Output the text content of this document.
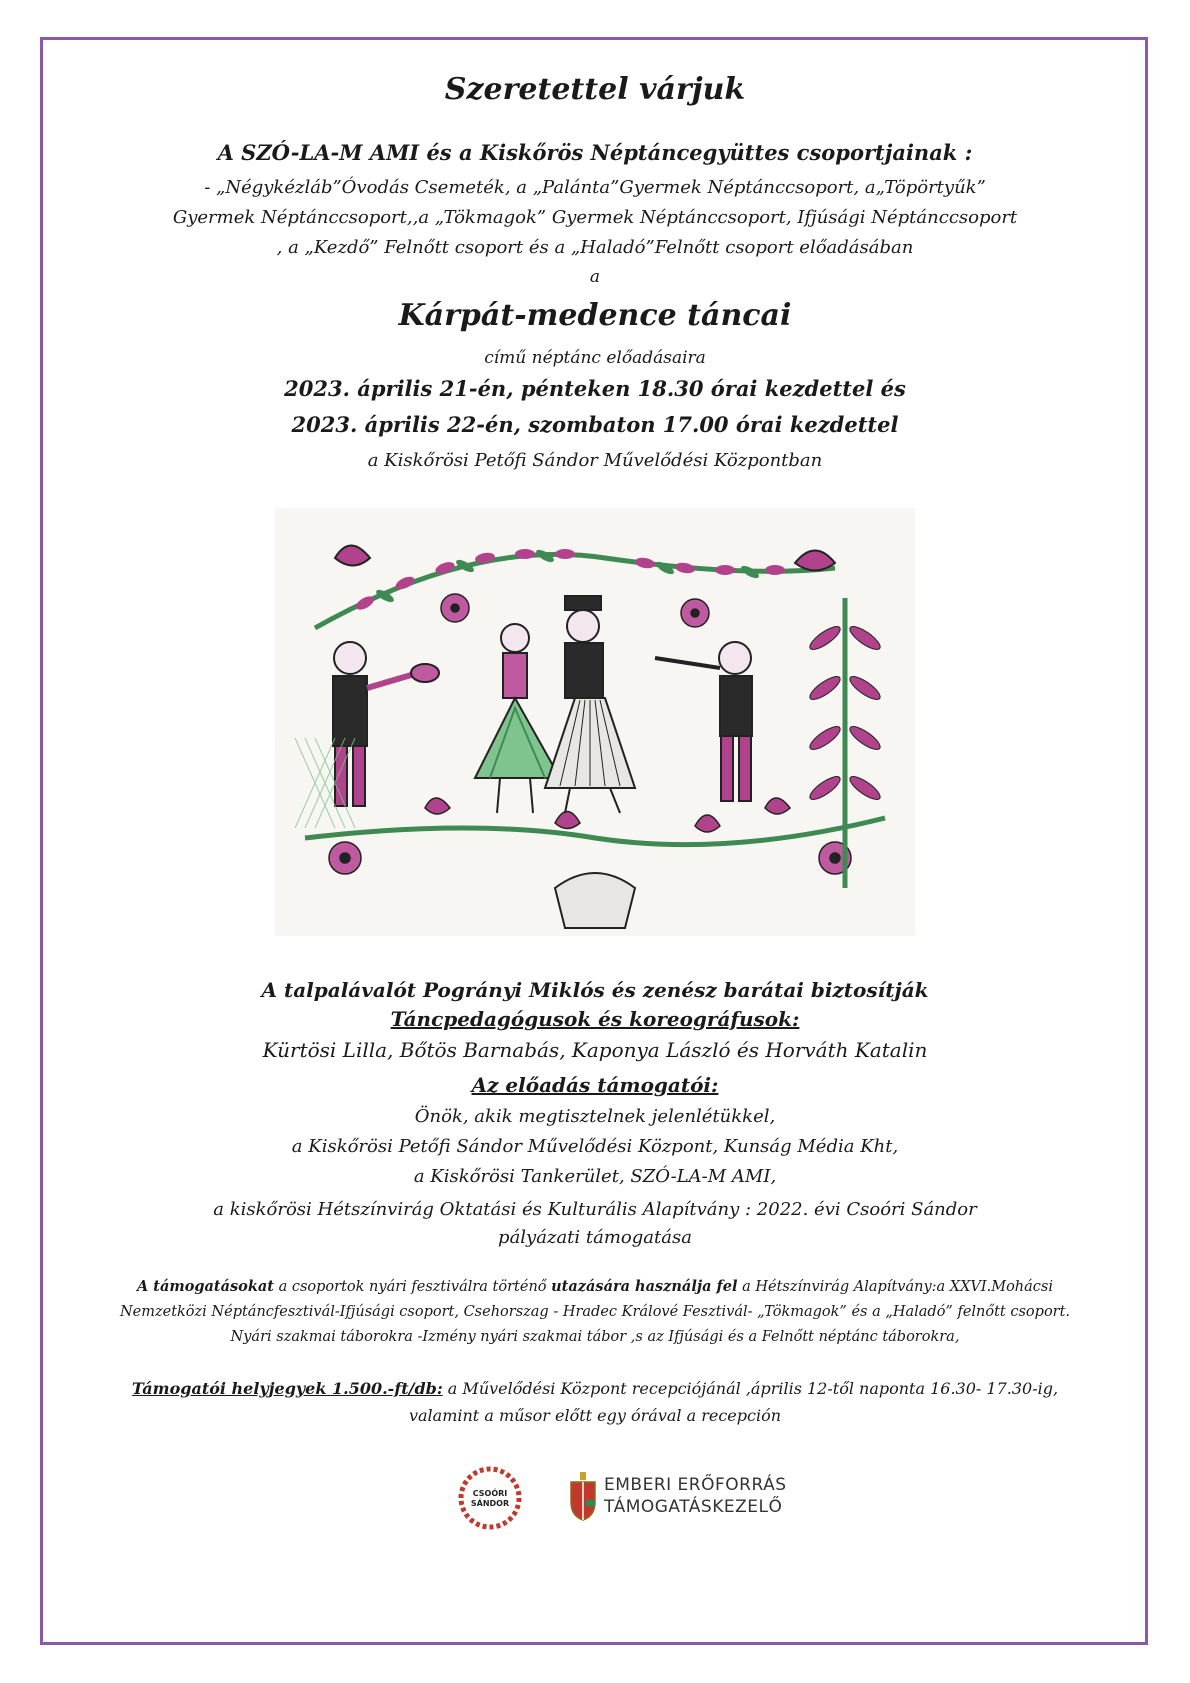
Szeretettel várjuk
A SZÓ-LA-M AMI és a Kiskőrös Néptáncegyüttes csoportjainak :
- „Négykézláb”Óvodás Csemeték, a „Palánta”Gyermek Néptánccsoport, a„Töpörtyűk” Gyermek Néptánccsoport,,a „Tökmagok” Gyermek Néptánccsoport, Ifjúsági Néptánccsoport , a „Kezdő” Felnőtt csoport és a „Haladó”Felnőtt csoport előadásában
a
Kárpát-medence táncai
című néptánc előadásaira
2023. április 21-én, pénteken 18.30 órai kezdettel és
2023. április 22-én, szombaton 17.00 órai kezdettel
a Kiskőrösi Petőfi Sándor Művelődési Központban
A talpalávalót Pogrányi Miklós és zenész barátai biztosítják
Táncpedagógusok és koreográfusok:
Kürtösi Lilla, Bőtös Barnabás, Kaponya László és Horváth Katalin
Az előadás támogatói:
Önök, akik megtisztelnek jelenlétükkel,
a Kiskőrösi Petőfi Sándor Művelődési Központ, Kunság Média Kht,
a Kiskőrösi Tankerület, SZÓ-LA-M AMI,
a kiskőrösi Hétszínvirág Oktatási és Kulturális Alapítvány : 2022. évi Csoóri Sándor pályázati támogatása
A támogatásokat a csoportok nyári fesztiválra történő utazására használja fel a Hétszínvirág Alapítvány:a XXVI.Mohácsi Nemzetközi Néptáncfesztivál-Ifjúsági csoport, Csehorszag - Hradec Králové Fesztivál- „Tökmagok” és a „Haladó” felnőtt csoport. Nyári szakmai táborokra -Izmény nyári szakmai tábor ,s az Ifjúsági és a Felnőtt néptánc táborokra,
Támogatói helyjegyek 1.500.-ft/db: a Művelődési Központ recepciójánál ,április 12-től naponta 16.30- 17.30-ig, valamint a műsor előtt egy órával a recepción
CSOÓRI
SÁNDOR
EMBERI ERŐFORRÁS
TÁMOGATÁSKEZELŐ
